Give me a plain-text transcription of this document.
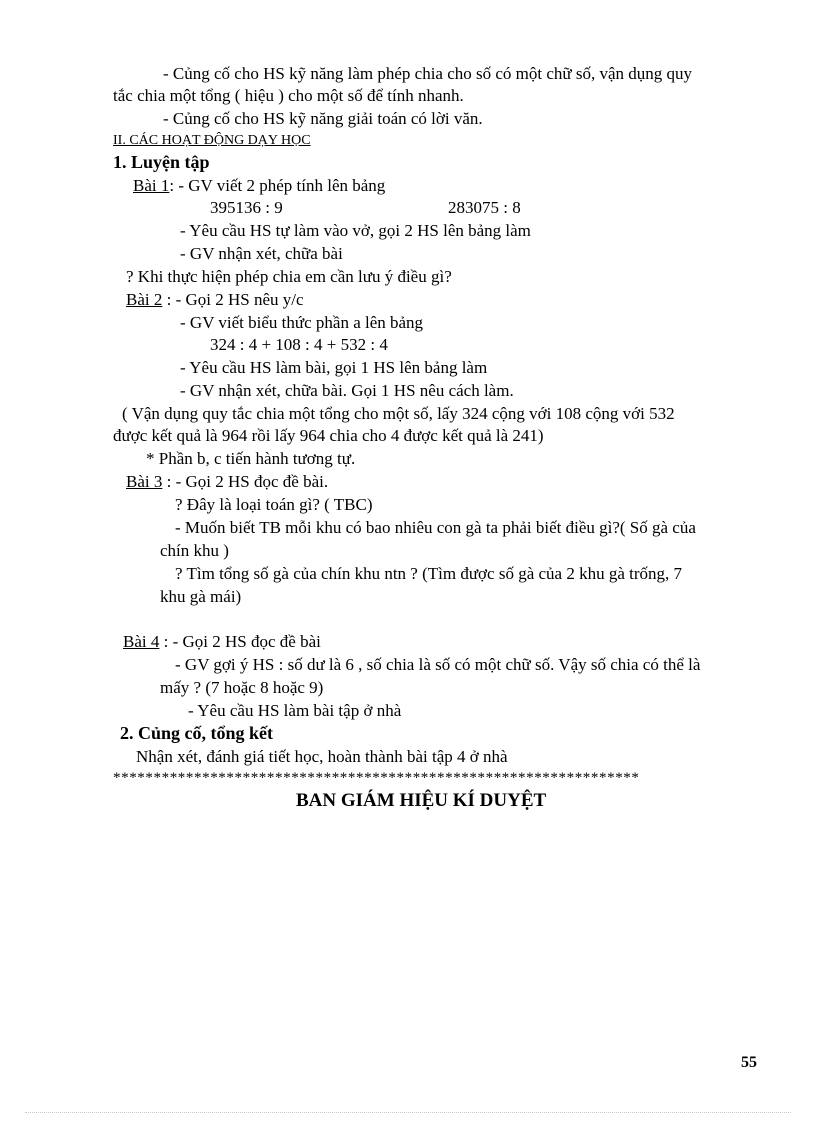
- Củng cố cho HS kỹ năng làm phép chia cho số có một chữ số, vận dụng quy
tắc chia một tổng ( hiệu ) cho một số để tính nhanh.
- Củng cố cho HS kỹ năng giải toán có lời văn.
II. CÁC HOẠT ĐỘNG DẠY HỌC
1. Luyện tập
Bài 1: - GV viết 2 phép tính lên bảng
395136 : 9	283075 : 8
- Yêu cầu HS tự làm vào vở, gọi 2 HS lên bảng làm
- GV nhận xét, chữa bài
? Khi thực hiện phép chia em cần lưu ý điều gì?
Bài 2 : - Gọi 2 HS nêu y/c
- GV viết biểu thức phần a lên bảng
324 : 4 + 108 : 4 + 532 : 4
- Yêu cầu HS làm bài, gọi 1 HS lên bảng làm
- GV nhận xét, chữa bài. Gọi 1 HS nêu cách làm.
( Vận dụng quy tắc chia một tổng cho một số, lấy 324 cộng với 108 cộng với 532
được kết quả là 964 rồi lấy 964 chia cho 4 được kết quả là 241)
* Phần b, c tiến hành tương tự.
Bài 3 : - Gọi 2 HS đọc đề bài.
? Đây là loại toán gì? ( TBC)
- Muốn biết TB mỗi khu có bao nhiêu con gà ta phải biết điều gì?( Số gà của
chín khu )
? Tìm tổng số gà của chín khu ntn ? (Tìm được số gà của 2 khu gà trống, 7
khu gà mái)
Bài 4 : - Gọi 2 HS đọc đề bài
- GV gợi ý HS : số dư là 6 , số chia là số có một chữ số. Vậy số chia có thể là
mấy ? (7 hoặc 8 hoặc 9)
- Yêu cầu HS làm bài tập ở nhà
2. Củng cố, tổng kết
Nhận xét, đánh giá tiết học, hoàn thành bài tập 4 ở nhà
*****************************************************************
BAN GIÁM HIỆU KÍ DUYỆT
55
